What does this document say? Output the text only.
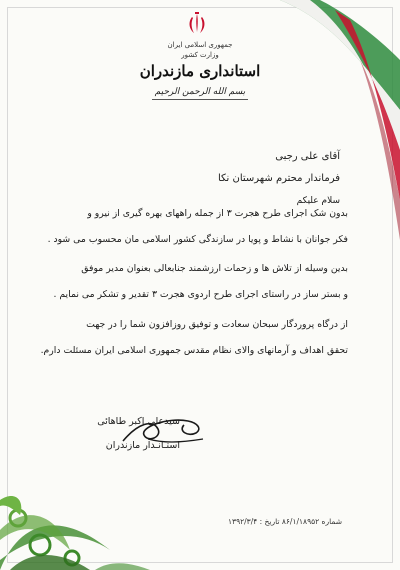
جمهوری اسلامی ایران
وزارت کشور
استانداری مازندران
بسم الله الرحمن الرحیم
آقای علی رجبی
فرماندار محترم شهرستان نکا
سلام علیکم
بدون شک اجرای طرح هجرت ۳ از جمله راههای بهره گیری از نیرو و
فکر جوانان با نشاط و پویا در سازندگی کشور اسلامی مان محسوب می شود .
بدین وسیله از تلاش ها و زحمات ارزشمند جنابعالی بعنوان مدیر موفق
و بستر ساز در راستای اجرای طرح اردوی هجرت ۳ تقدیر و تشکر می نمایم .
از درگاه پروردگار سبحان سعادت و توفیق روزافزون شما را در جهت
تحقق اهداف و آرمانهای والای نظام مقدس جمهوری اسلامی ایران مسئلت دارم.
سیدعلی اکبر طاهائی
استـانـدار مازندران
شماره ۸۶/۱/۱۸۹۵۲ تاریخ : ۱۳۹۲/۳/۴
